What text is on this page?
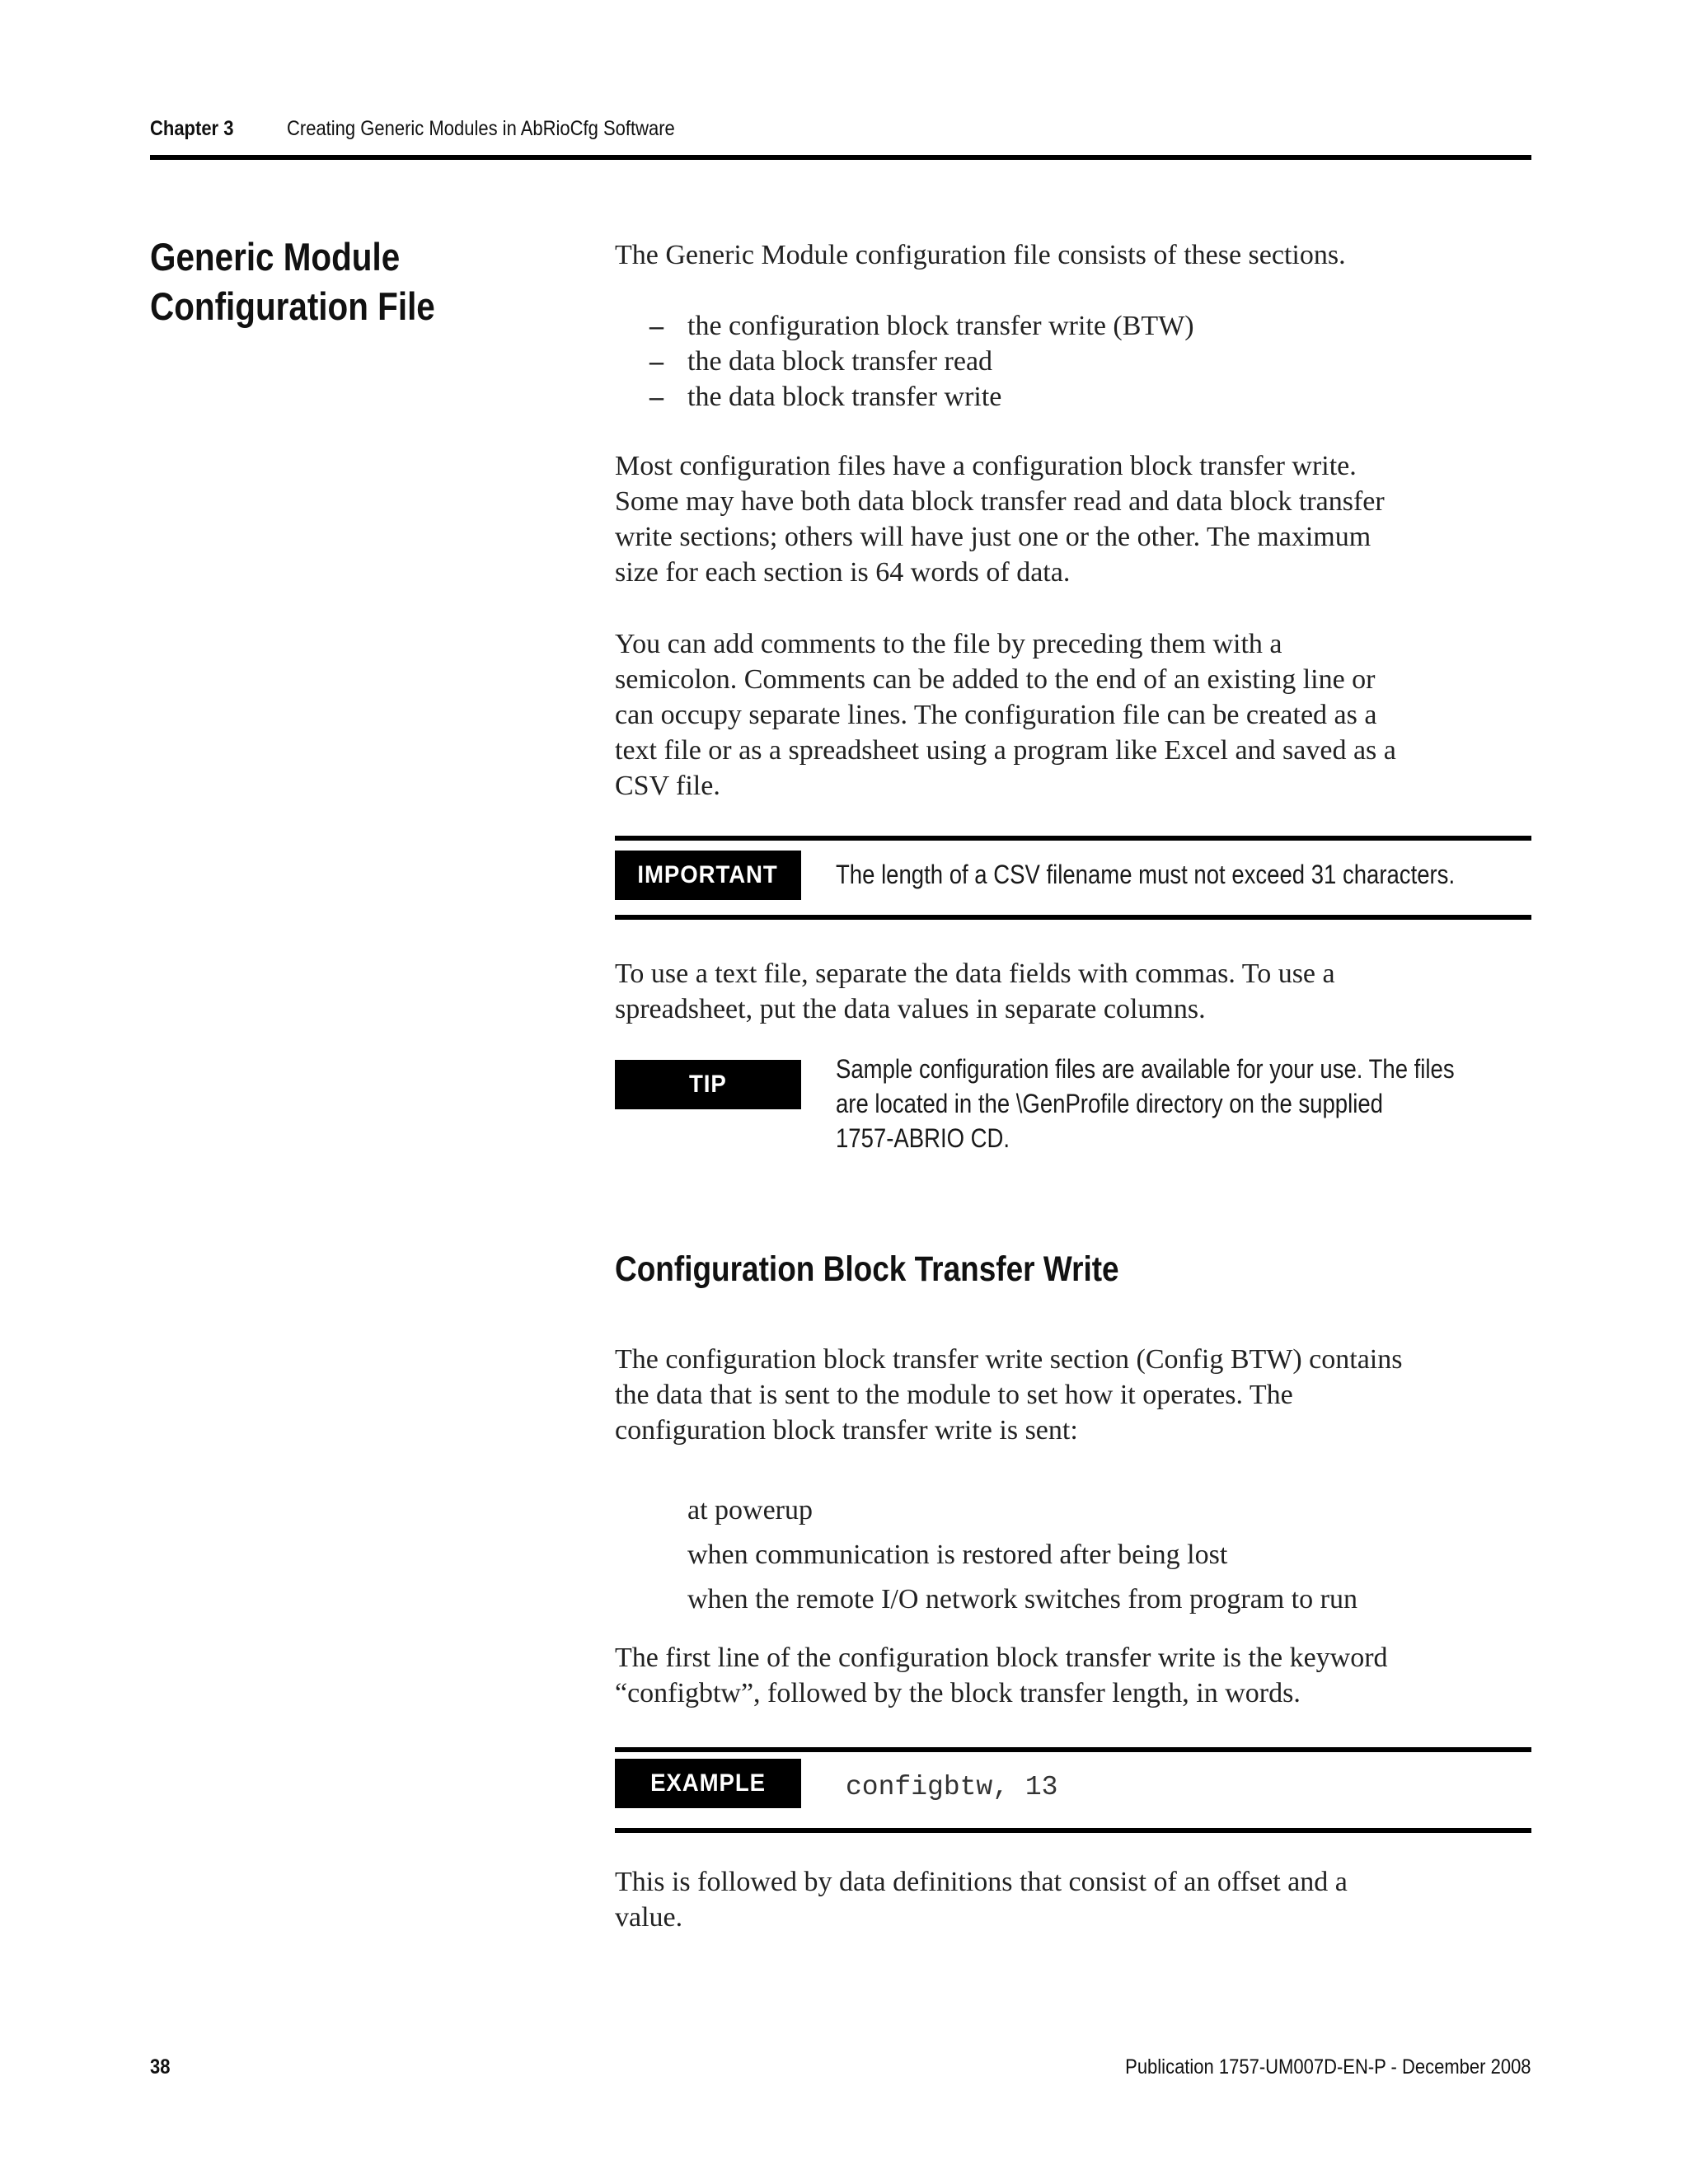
Chapter 3	Creating Generic Modules in AbRioCfg Software
Generic Module
Configuration File
The Generic Module configuration file consists of these sections.
– the configuration block transfer write (BTW)
– the data block transfer read
– the data block transfer write
Most configuration files have a configuration block transfer write.
Some may have both data block transfer read and data block transfer
write sections; others will have just one or the other. The maximum
size for each section is 64 words of data.
You can add comments to the file by preceding them with a
semicolon. Comments can be added to the end of an existing line or
can occupy separate lines. The configuration file can be created as a
text file or as a spreadsheet using a program like Excel and saved as a
CSV file.
IMPORTANT The length of a CSV filename must not exceed 31 characters.
To use a text file, separate the data fields with commas. To use a
spreadsheet, put the data values in separate columns.
TIP
Sample configuration files are available for your use. The files
are located in the \GenProfile directory on the supplied
1757-ABRIO CD.
Configuration Block Transfer Write
The configuration block transfer write section (Config BTW) contains
the data that is sent to the module to set how it operates. The
configuration block transfer write is sent:
at powerup
when communication is restored after being lost
when the remote I/O network switches from program to run
The first line of the configuration block transfer write is the keyword
“configbtw”, followed by the block transfer length, in words.
EXAMPLE	configbtw, 13
This is followed by data definitions that consist of an offset and a
value.
38	Publication 1757-UM007D-EN-P - December 2008
